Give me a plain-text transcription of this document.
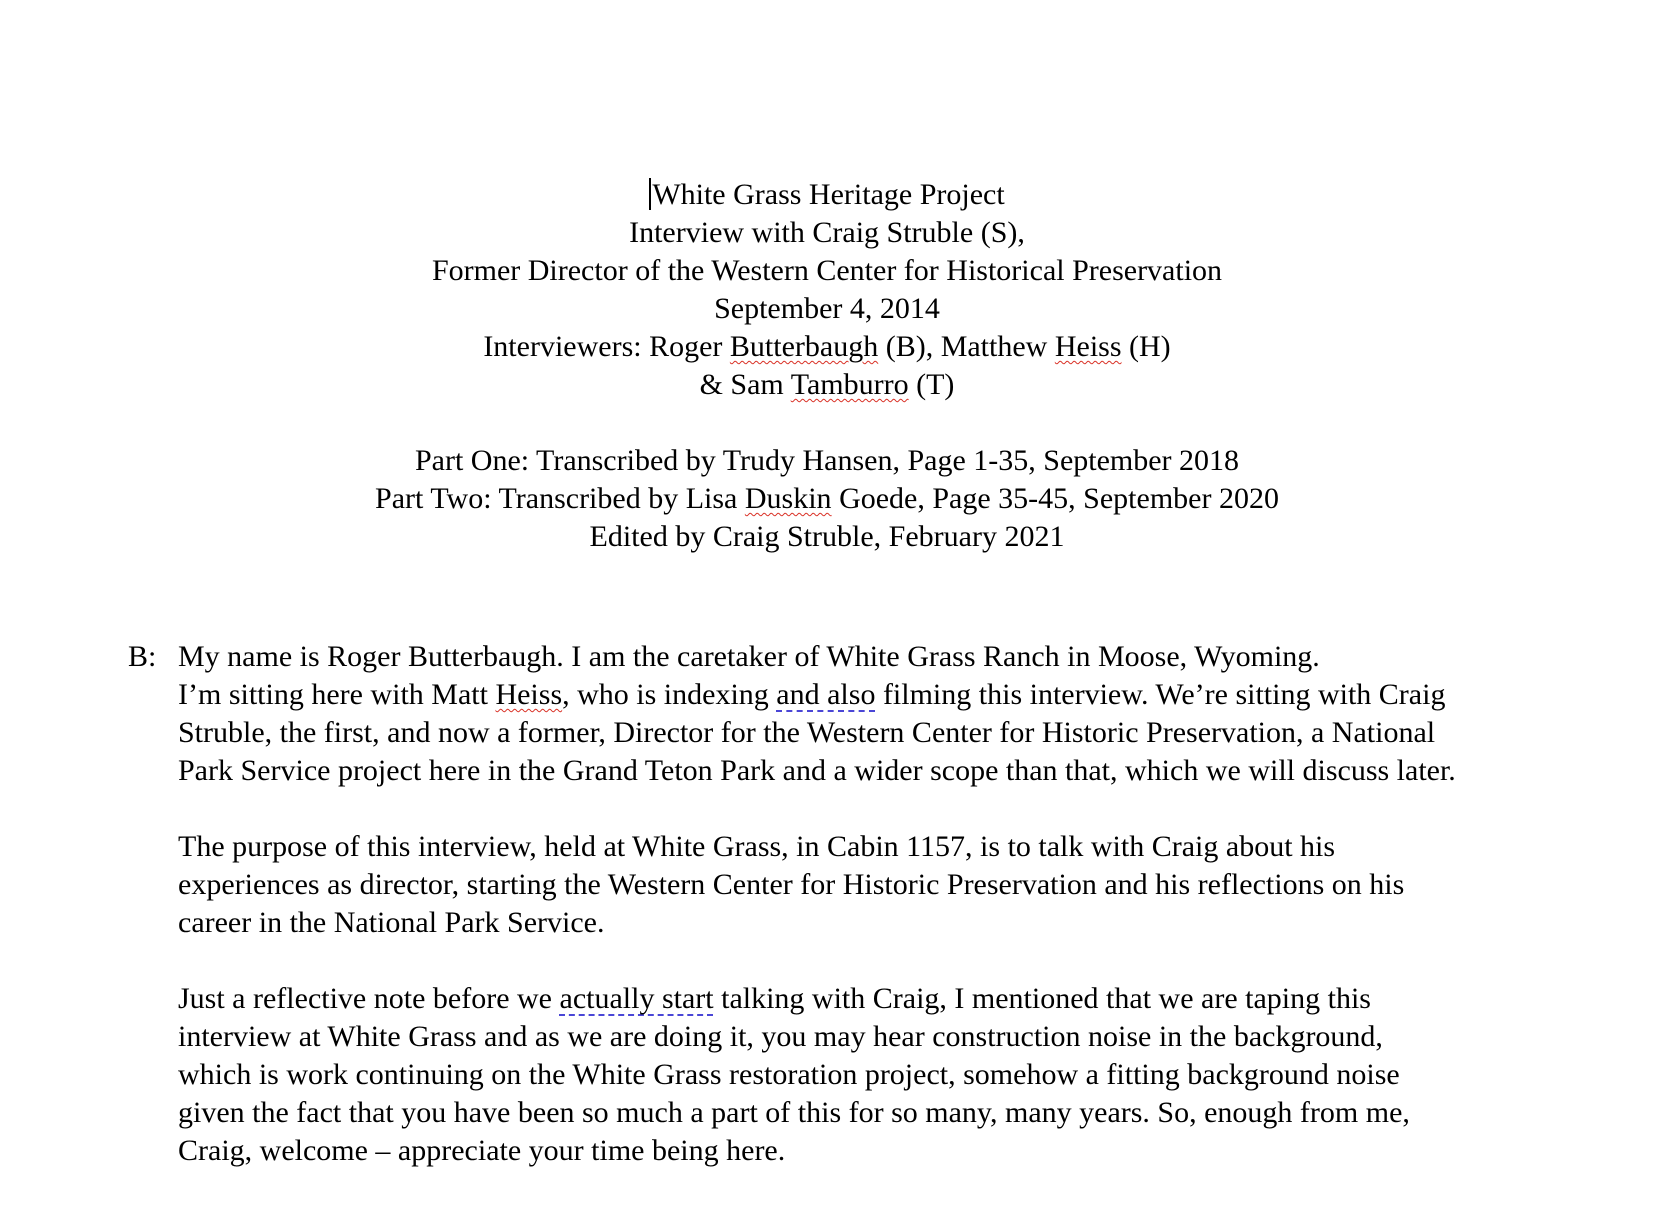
White Grass Heritage Project
Interview with Craig Struble (S),
Former Director of the Western Center for Historical Preservation
September 4, 2014
Interviewers: Roger Butterbaugh (B), Matthew Heiss (H)
& Sam Tamburro (T)
Part One: Transcribed by Trudy Hansen, Page 1-35, September 2018
Part Two: Transcribed by Lisa Duskin Goede, Page 35-45, September 2020
Edited by Craig Struble, February 2021
B: My name is Roger Butterbaugh. I am the caretaker of White Grass Ranch in Moose, Wyoming.
I’m sitting here with Matt Heiss, who is indexing and also filming this interview. We’re sitting with Craig
Struble, the first, and now a former, Director for the Western Center for Historic Preservation, a National
Park Service project here in the Grand Teton Park and a wider scope than that, which we will discuss later.
The purpose of this interview, held at White Grass, in Cabin 1157, is to talk with Craig about his
experiences as director, starting the Western Center for Historic Preservation and his reflections on his
career in the National Park Service.
Just a reflective note before we actually start talking with Craig, I mentioned that we are taping this
interview at White Grass and as we are doing it, you may hear construction noise in the background,
which is work continuing on the White Grass restoration project, somehow a fitting background noise
given the fact that you have been so much a part of this for so many, many years. So, enough from me,
Craig, welcome – appreciate your time being here.
